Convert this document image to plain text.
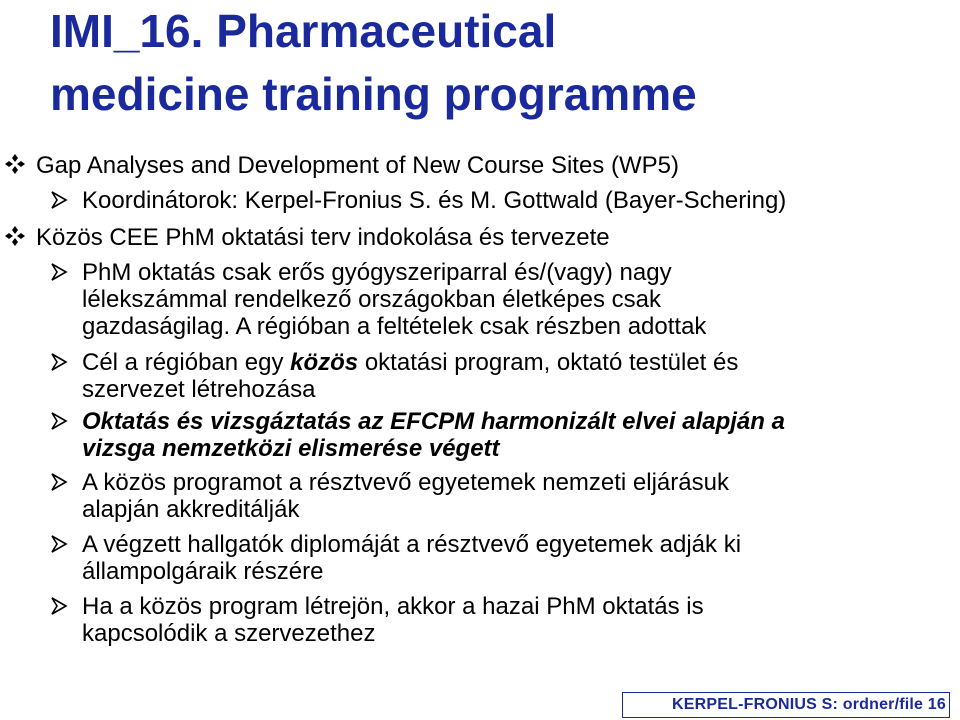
IMI_16. Pharmaceutical
medicine training programme
Gap Analyses and Development of New Course Sites (WP5)
Koordinátorok: Kerpel-Fronius S. és M. Gottwald (Bayer-Schering)
Közös CEE PhM oktatási terv indokolása és tervezete
PhM oktatás csak erős gyógyszeriparral és/(vagy) nagy
lélekszámmal rendelkező országokban életképes csak
gazdaságilag. A régióban a feltételek csak részben adottak
Cél a régióban egy közös oktatási program, oktató testület és
szervezet létrehozása
Oktatás és vizsgáztatás az EFCPM harmonizált elvei alapján a
vizsga nemzetközi elismerése végett
A közös programot a résztvevő egyetemek nemzeti eljárásuk
alapján akkreditálják
A végzett hallgatók diplomáját a résztvevő egyetemek adják ki
állampolgáraik részére
Ha a közös program létrejön, akkor a hazai PhM oktatás is
kapcsolódik a szervezethez
KERPEL-FRONIUS S: ordner/file 16
